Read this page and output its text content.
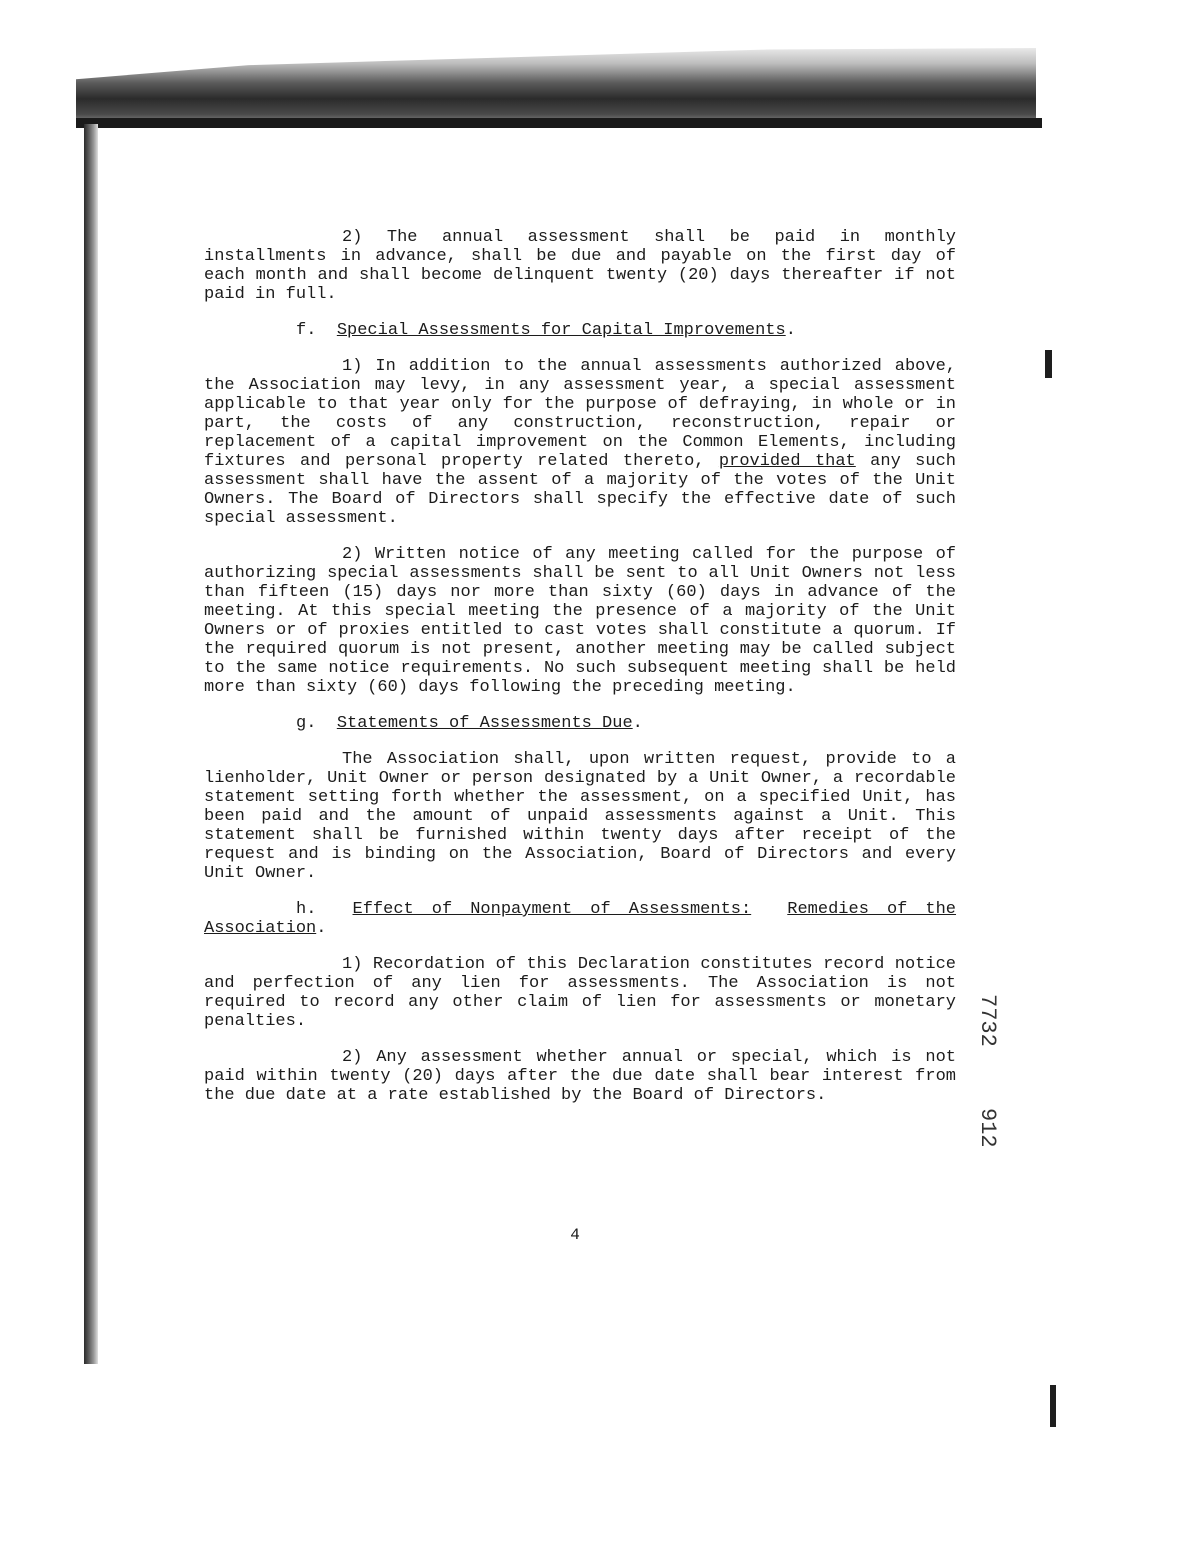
2) The annual assessment shall be paid in monthly installments in advance, shall be due and payable on the first day of each month and shall become delinquent twenty (20) days thereafter if not paid in full.

f. Special Assessments for Capital Improvements.

1) In addition to the annual assessments authorized above, the Association may levy, in any assessment year, a special assessment applicable to that year only for the purpose of defraying, in whole or in part, the costs of any construction, reconstruction, repair or replacement of a capital improvement on the Common Elements, including fixtures and personal property related thereto, provided that any such assessment shall have the assent of a majority of the votes of the Unit Owners. The Board of Directors shall specify the effective date of such special assessment.

2) Written notice of any meeting called for the purpose of authorizing special assessments shall be sent to all Unit Owners not less than fifteen (15) days nor more than sixty (60) days in advance of the meeting. At this special meeting the presence of a majority of the Unit Owners or of proxies entitled to cast votes shall constitute a quorum. If the required quorum is not present, another meeting may be called subject to the same notice requirements. No such subsequent meeting shall be held more than sixty (60) days following the preceding meeting.

g. Statements of Assessments Due.

The Association shall, upon written request, provide to a lienholder, Unit Owner or person designated by a Unit Owner, a recordable statement setting forth whether the assessment, on a specified Unit, has been paid and the amount of unpaid assessments against a Unit. This statement shall be furnished within twenty days after receipt of the request and is binding on the Association, Board of Directors and every Unit Owner.

h. Effect of Nonpayment of Assessments: Remedies of the Association.

1) Recordation of this Declaration constitutes record notice and perfection of any lien for assessments. The Association is not required to record any other claim of lien for assessments or monetary penalties.

2) Any assessment whether annual or special, which is not paid within twenty (20) days after the due date shall bear interest from the due date at a rate established by the Board of Directors.

4
7732
912
